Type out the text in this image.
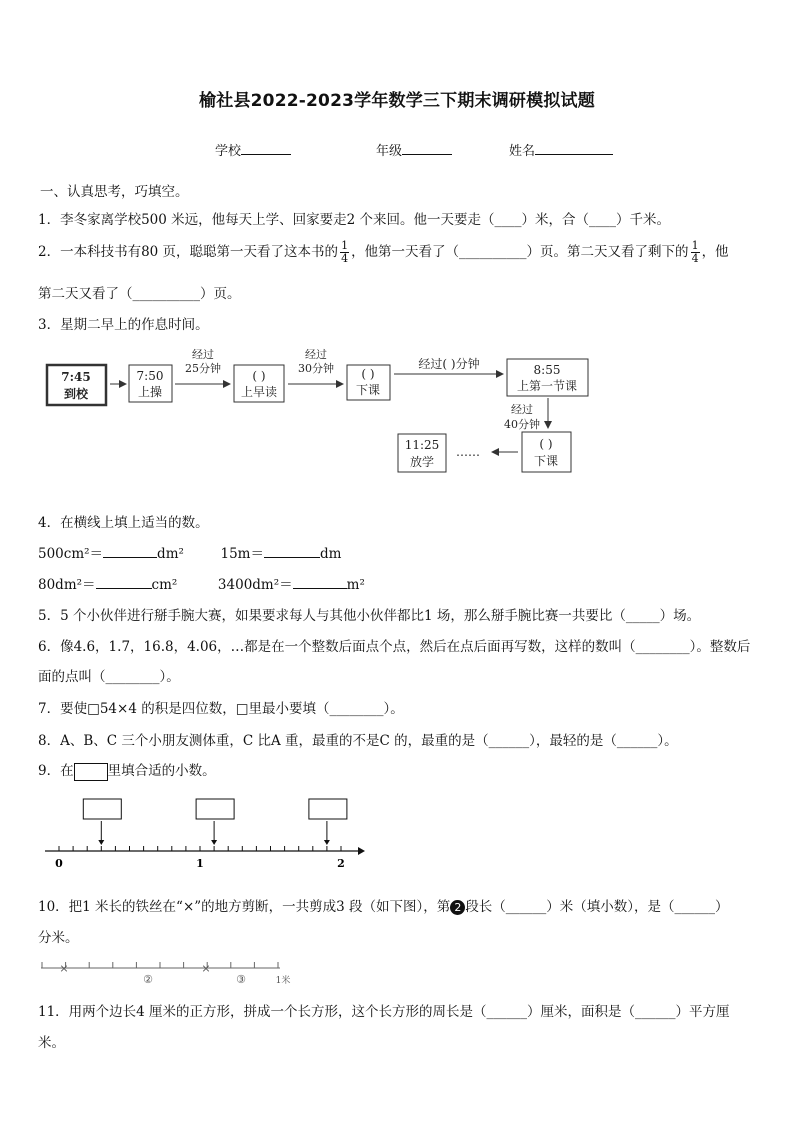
榆社县2022-2023学年数学三下期末调研模拟试题
学校	年级	姓名
一、认真思考，巧填空。
1．李冬家离学校500 米远，他每天上学、回家要走2 个来回。他一天要走（____）米，合（____）千米。
2．一本科技书有80 页，聪聪第一天看了这本书的 $\frac{1}{4}$ ，他第一天看了（__________）页。第二天又看了剩下的 $\frac{1}{4}$ ，他
第二天又看了（__________）页。
3．星期二早上的作息时间。
7:45
到校
7:50
上操
经过
25分钟
( )
上早读
经过
30分钟 ( )
下课
经过( )分钟	8:55
上第一节课
经过
40分钟
( )
下课
……
11:25
放学
4．在横线上填上适当的数。
500cm²＝	dm²	15m＝	dm
80dm²＝	cm²	3400dm²＝	m²
5．5 个小伙伴进行掰手腕大赛，如果要求每人与其他小伙伴都比1 场，那么掰手腕比赛一共要比（_____）场。
6．像4.6，1.7，16.8，4.06，…都是在一个整数后面点个点，然后在点后面再写数，这样的数叫（________）。整数后
面的点叫（________）。
7．要使□54×4 的积是四位数，□里最小要填（________）。
8．A、B、C 三个小朋友测体重，C 比A 重，最重的不是C 的，最重的是（______），最轻的是（______）。
9．在	里填合适的小数。
0	1	2
10．把1 米长的铁丝在“×”的地方剪断，一共剪成3 段（如下图），第 2 段长（______）米（填小数），是（______）
分米。
×	×
②	③	1米
11．用两个边长4 厘米的正方形，拼成一个长方形，这个长方形的周长是（______）厘米，面积是（______）平方厘
米。
